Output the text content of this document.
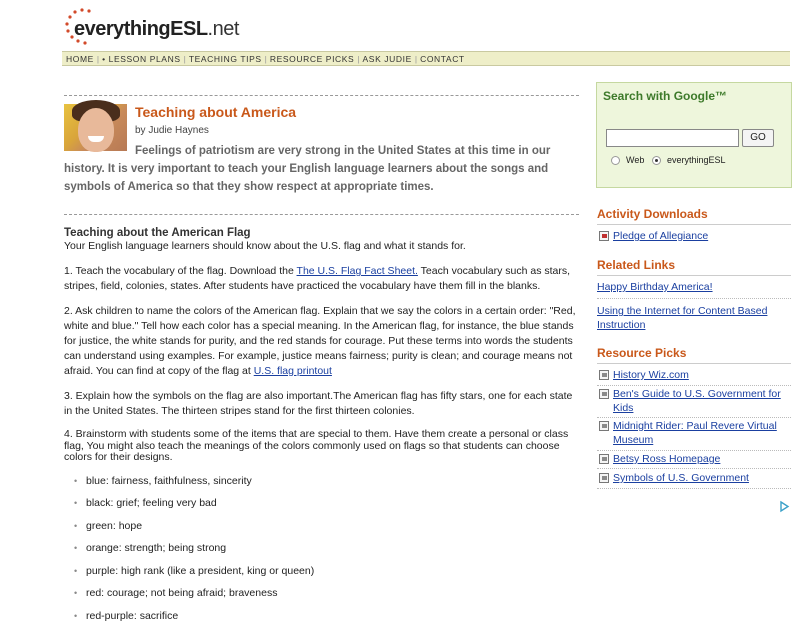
everythingESL.net
HOME | • LESSON PLANS | TEACHING TIPS | RESOURCE PICKS | ASK JUDIE | CONTACT
Teaching about America
by Judie Haynes
Feelings of patriotism are very strong in the United States at this time in our history. It is very important to teach your English language learners about the songs and symbols of America so that they show respect at appropriate times.
Teaching about the American Flag
Your English language learners should know about the U.S. flag and what it stands for.
1. Teach the vocabulary of the flag. Download the The U.S. Flag Fact Sheet. Teach vocabulary such as stars, stripes, field, colonies, states. After students have practiced the vocabulary have them fill in the blanks.
2. Ask children to name the colors of the American flag. Explain that we say the colors in a certain order: "Red, white and blue." Tell how each color has a special meaning. In the American flag, for instance, the blue stands for justice, the white stands for purity, and the red stands for courage. Put these terms into words the students can understand using examples. For example, justice means fairness; purity is clean; and courage means not afraid. You can find at copy of the flag at U.S. flag printout
3. Explain how the symbols on the flag are also important.The American flag has fifty stars, one for each state in the United States. The thirteen stripes stand for the first thirteen colonies.
4. Brainstorm with students some of the items that are special to them. Have them create a personal or class flag, You might also teach the meanings of the colors commonly used on flags so that students can choose colors for their designs.
• blue: fairness, faithfulness, sincerity
• black: grief; feeling very bad
• green: hope
• orange: strength; being strong
• purple: high rank (like a president, king or queen)
• red: courage; not being afraid; braveness
• red-purple: sacrifice
Search with Google™
GO
Web	everythingESL
Activity Downloads
Pledge of Allegiance
Related Links
Happy Birthday America!
Using the Internet for Content Based Instruction
Resource Picks
History Wiz.com
Ben's Guide to U.S. Government for Kids
Midnight Rider: Paul Revere Virtual Museum
Betsy Ross Homepage
Symbols of U.S. Government
